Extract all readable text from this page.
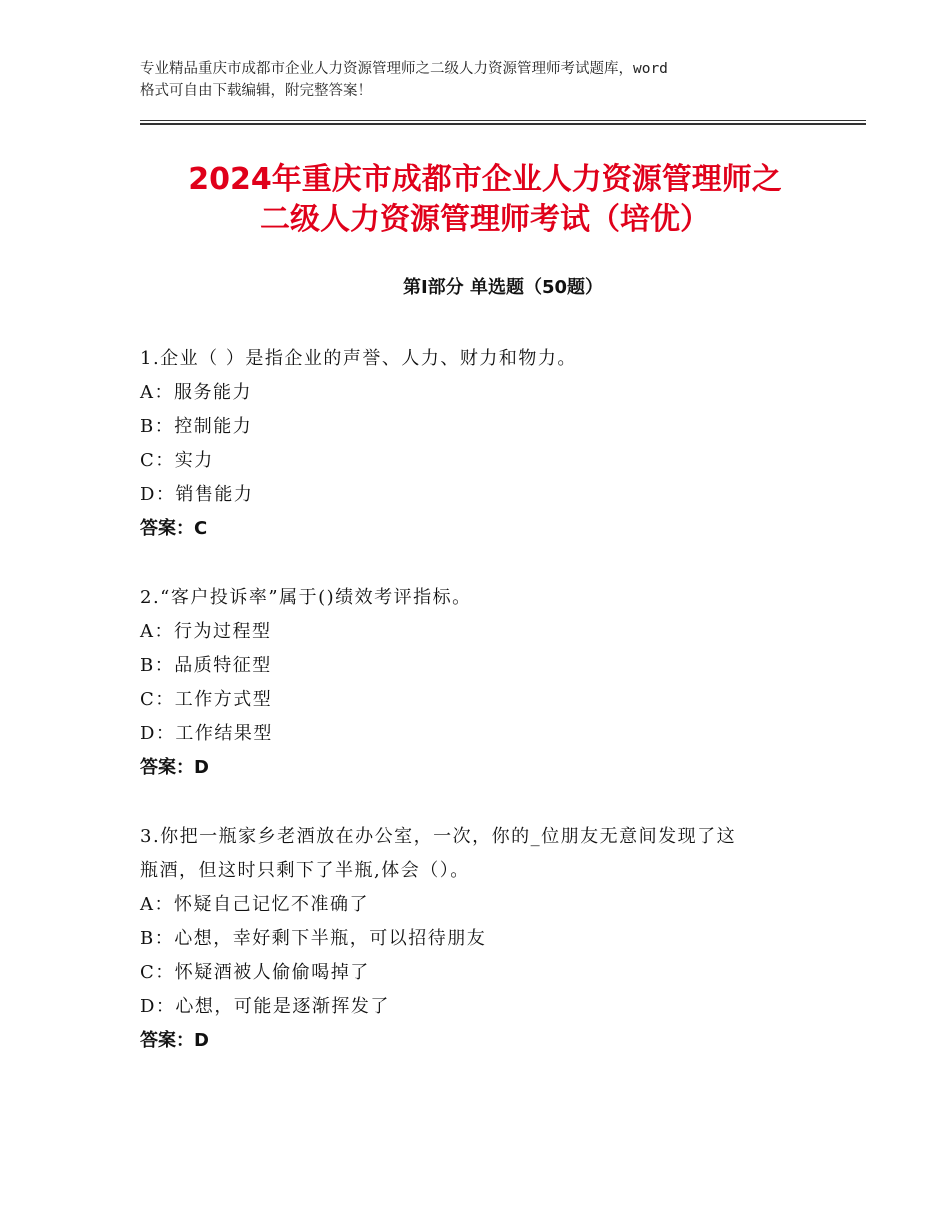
专业精品重庆市成都市企业人力资源管理师之二级人力资源管理师考试题库，word
格式可自由下载编辑，附完整答案！
2024年重庆市成都市企业人力资源管理师之
二级人力资源管理师考试（培优）
第Ⅰ部分 单选题（50题）
1.企业（ ）是指企业的声誉、人力、财力和物力。
A：服务能力
B：控制能力
C：实力
D：销售能力
答案：C
2.“客户投诉率”属于()绩效考评指标。
A：行为过程型
B：品质特征型
C：工作方式型
D：工作结果型
答案：D
3.你把一瓶家乡老酒放在办公室，一次，你的_位朋友无意间发现了这
瓶酒，但这时只剩下了半瓶,体会（）。
A：怀疑自己记忆不准确了
B：心想，幸好剩下半瓶，可以招待朋友
C：怀疑酒被人偷偷喝掉了
D：心想，可能是逐渐挥发了
答案：D
